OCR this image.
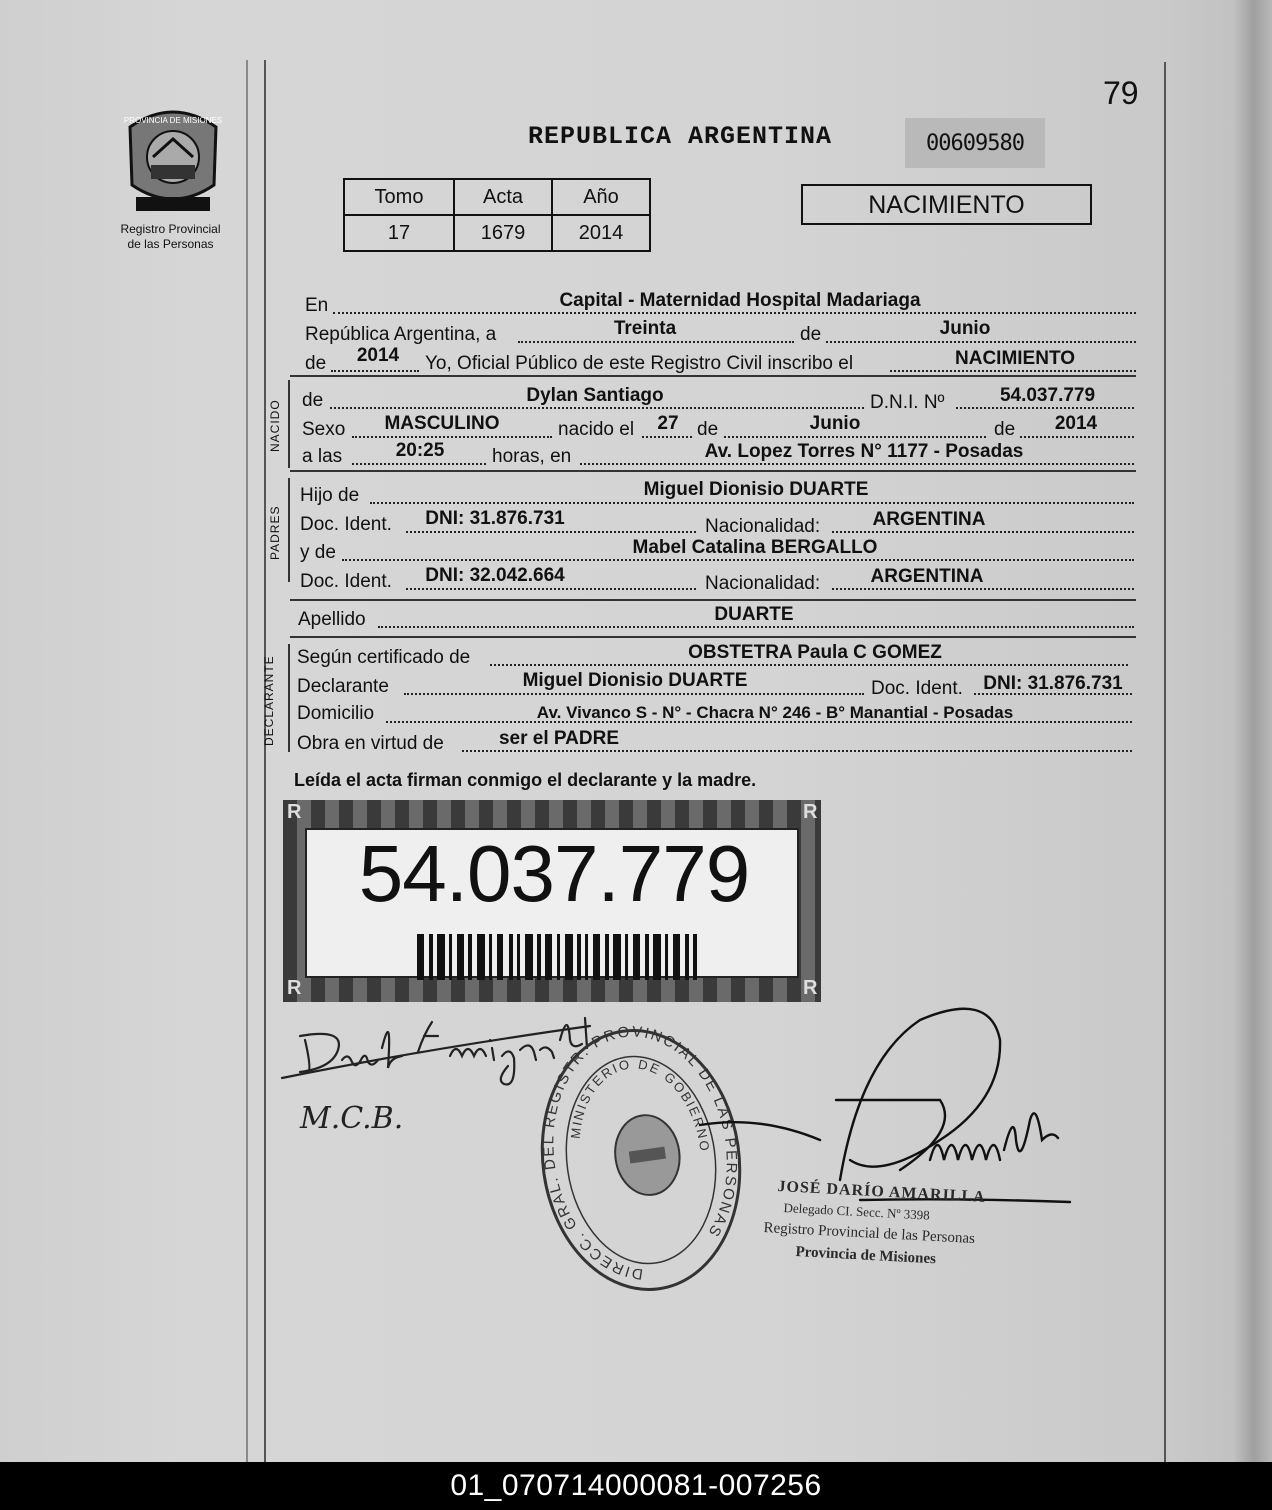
PROVINCIA DE MISIONES
Registro Provincial
de las Personas
79
REPUBLICA ARGENTINA	00609580
Tomo	Acta	Año
17	1679	2014
NACIMIENTO
En	Capital - Maternidad Hospital Madariaga
República Argentina, a	Treinta	de	Junio
de	2014	Yo, Oficial Público de este Registro Civil inscribo el	NACIMIENTO
NACIDO de	Dylan Santiago	D.N.I. Nº	54.037.779
Sexo	MASCULINO	nacido el	27 de	Junio	de	2014
a las	20:25	horas, en	Av. Lopez Torres N° 1177 - Posadas
PADRES
Hijo de	Miguel Dionisio DUARTE
Doc. Ident.	DNI: 31.876.731	Nacionalidad:	ARGENTINA
y de	Mabel Catalina BERGALLO
Doc. Ident.	DNI: 32.042.664	Nacionalidad:	ARGENTINA
Apellido	DUARTE
DECLARANTE Según certificado de	OBSTETRA Paula C GOMEZ
Declarante	Miguel Dionisio DUARTE	Doc. Ident.	DNI: 31.876.731
Domicilio	Av. Vivanco S - N° - Chacra N° 246 - B° Manantial - Posadas
Obra en virtud de	ser el PADRE
Leída el acta firman conmigo el declarante y la madre.
54.037.779
R
R
R
R
M.C.B.
DIRECC. GRAL. DEL REGISTR. PROVINCIAL DE LAS PERSONAS
MINISTERIO DE GOBIERNO
JOSÉ DARÍO AMARILLA
Delegado CI. Secc. Nº 3398
Registro Provincial de las Personas
Provincia de Misiones
01_070714000081-007256
